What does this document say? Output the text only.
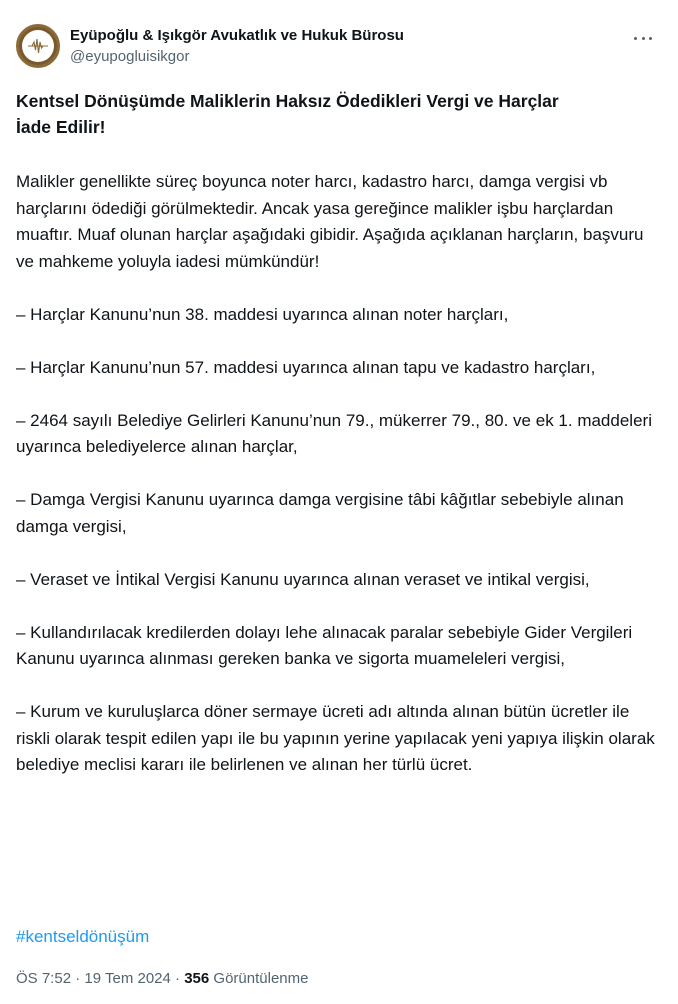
Eyüpoğlu & Işıkgör Avukatlık ve Hukuk Bürosu
@eyupogluisikgor
Kentsel Dönüşümde Maliklerin Haksız Ödedikleri Vergi ve Harçlar
İade Edilir!

Malikler genellikte süreç boyunca noter harcı, kadastro harcı, damga vergisi vb harçlarını ödediği görülmektedir. Ancak yasa gereğince malikler işbu harçlardan muaftır. Muaf olunan harçlar aşağıdaki gibidir. Aşağıda açıklanan harçların, başvuru ve mahkeme yoluyla iadesi mümkündür!

– Harçlar Kanunu’nun 38. maddesi uyarınca alınan noter harçları,

– Harçlar Kanunu’nun 57. maddesi uyarınca alınan tapu ve kadastro harçları,

– 2464 sayılı Belediye Gelirleri Kanunu’nun 79., mükerrer 79., 80. ve ek 1. maddeleri uyarınca belediyelerce alınan harçlar,

– Damga Vergisi Kanunu uyarınca damga vergisine tâbi kâğıtlar sebebiyle alınan damga vergisi,

– Veraset ve İntikal Vergisi Kanunu uyarınca alınan veraset ve intikal vergisi,

– Kullandırılacak kredilerden dolayı lehe alınacak paralar sebebiyle Gider Vergileri Kanunu uyarınca alınması gereken banka ve sigorta muameleleri vergisi,

– Kurum ve kuruluşlarca döner sermaye ücreti adı altında alınan bütün ücretler ile riskli olarak tespit edilen yapı ile bu yapının yerine yapılacak yeni yapıya ilişkin olarak belediye meclisi kararı ile belirlenen ve alınan her türlü ücret.

#kentseldönüşüm
ÖS 7:52 · 19 Tem 2024 · 356 Görüntülenme
